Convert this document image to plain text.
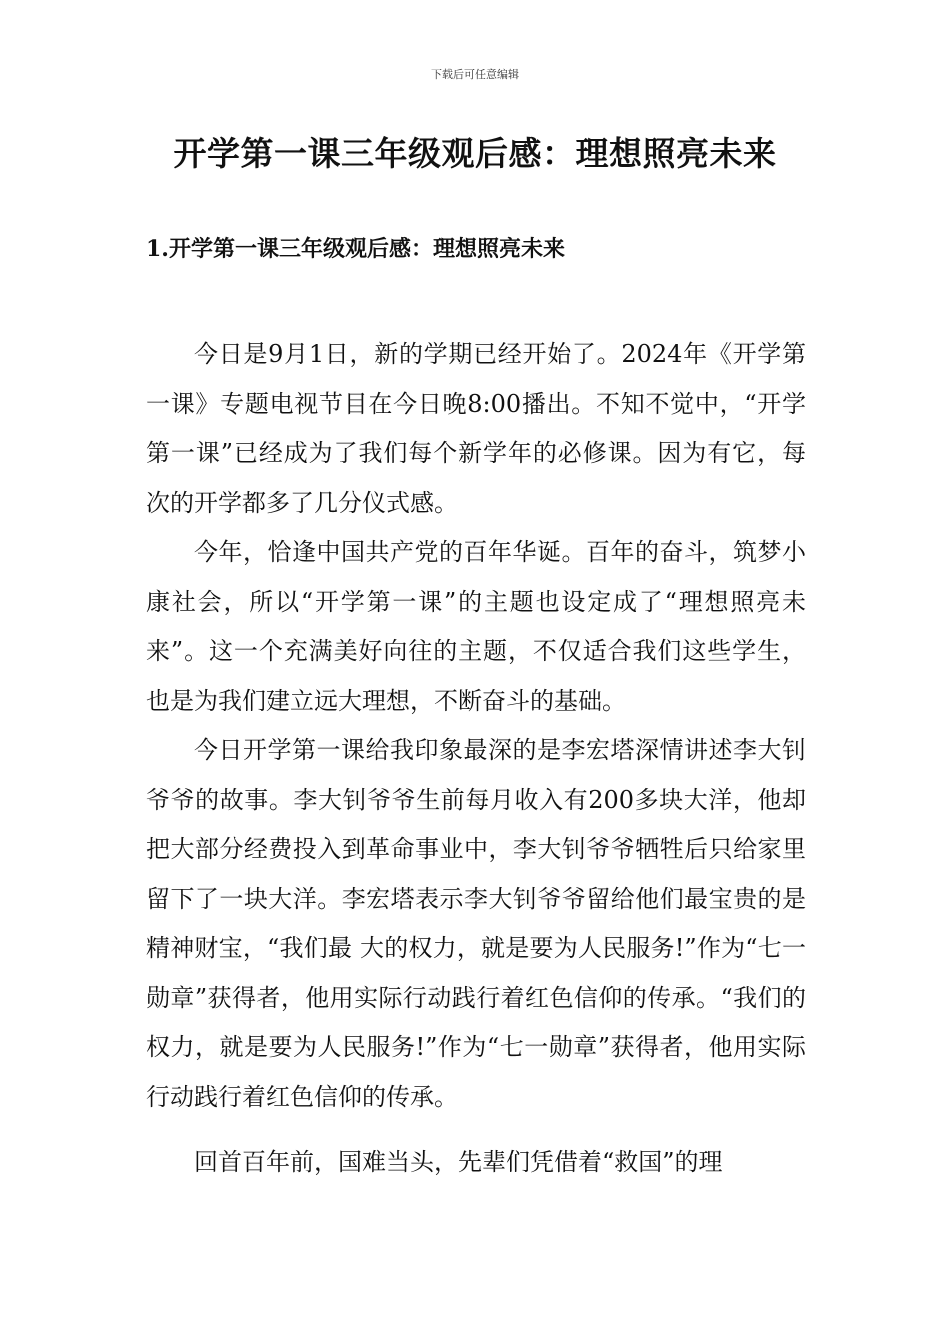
下载后可任意编辑
开学第一课三年级观后感：理想照亮未来
1.开学第一课三年级观后感：理想照亮未来

今日是9月1日，新的学期已经开始了。2024年《开学第一课》专题电视节目在今日晚8:00播出。不知不觉中，“开学第一课”已经成为了我们每个新学年的必修课。因为有它，每次的开学都多了几分仪式感。

今年，恰逢中国共产党的百年华诞。百年的奋斗，筑梦小康社会，所以“开学第一课”的主题也设定成了“理想照亮未来”。这一个充满美好向往的主题，不仅适合我们这些学生，也是为我们建立远大理想，不断奋斗的基础。

今日开学第一课给我印象最深的是李宏塔深情讲述李大钊爷爷的故事。李大钊爷爷生前每月收入有200多块大洋，他却把大部分经费投入到革命事业中，李大钊爷爷牺牲后只给家里留下了一块大洋。李宏塔表示李大钊爷爷留给他们最宝贵的是精神财宝，“我们最 大的权力，就是要为人民服务!”作为“七一勋章”获得者，他用实际行动践行着红色信仰的传承。“我们的权力，就是要为人民服务!”作为“七一勋章”获得者，他用实际行动践行着红色信仰的传承。

回首百年前，国难当头，先辈们凭借着“救国”的理
